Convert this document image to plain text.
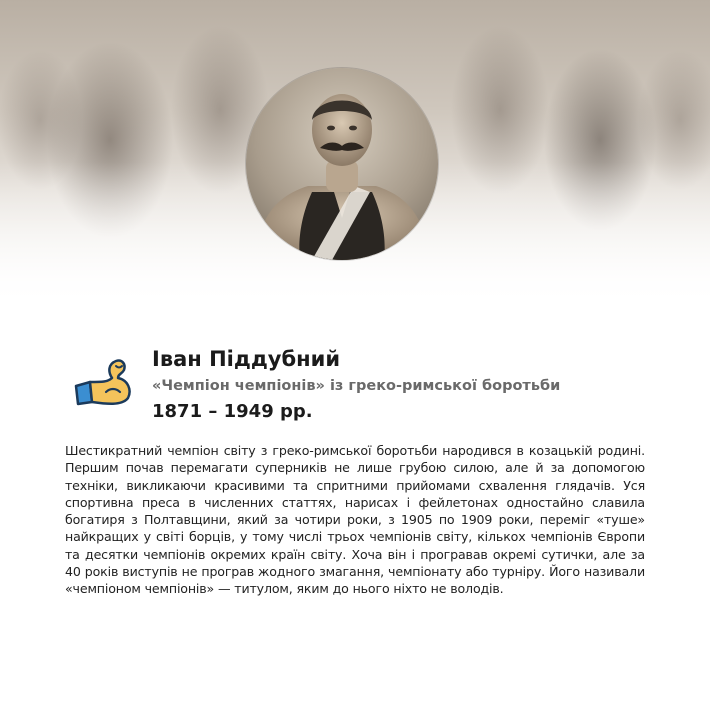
Іван Піддубний
«Чемпіон чемпіонів» із греко-римської боротьби
1871 – 1949 рр.

Шестикратний чемпіон світу з греко-римської боротьби народився в козацькій родині. Першим почав перемагати суперників не лише грубою силою, але й за допомогою техніки, викликаючи красивими та спритними прийомами схвалення глядачів. Уся спортивна преса в численних статтях, нарисах і фейлетонах одностайно славила богатиря з Полтавщини, який за чотири роки, з 1905 по 1909 роки, переміг «туше» найкращих у світі борців, у тому числі трьох чемпіонів світу, кількох чемпіонів Європи та десятки чемпіонів окремих країн світу. Хоча він і програвав окремі сутички, але за 40 років виступів не програв жодного змагання, чемпіонату або турніру. Його називали «чемпіоном чемпіонів» — титулом, яким до нього ніхто не володів.
